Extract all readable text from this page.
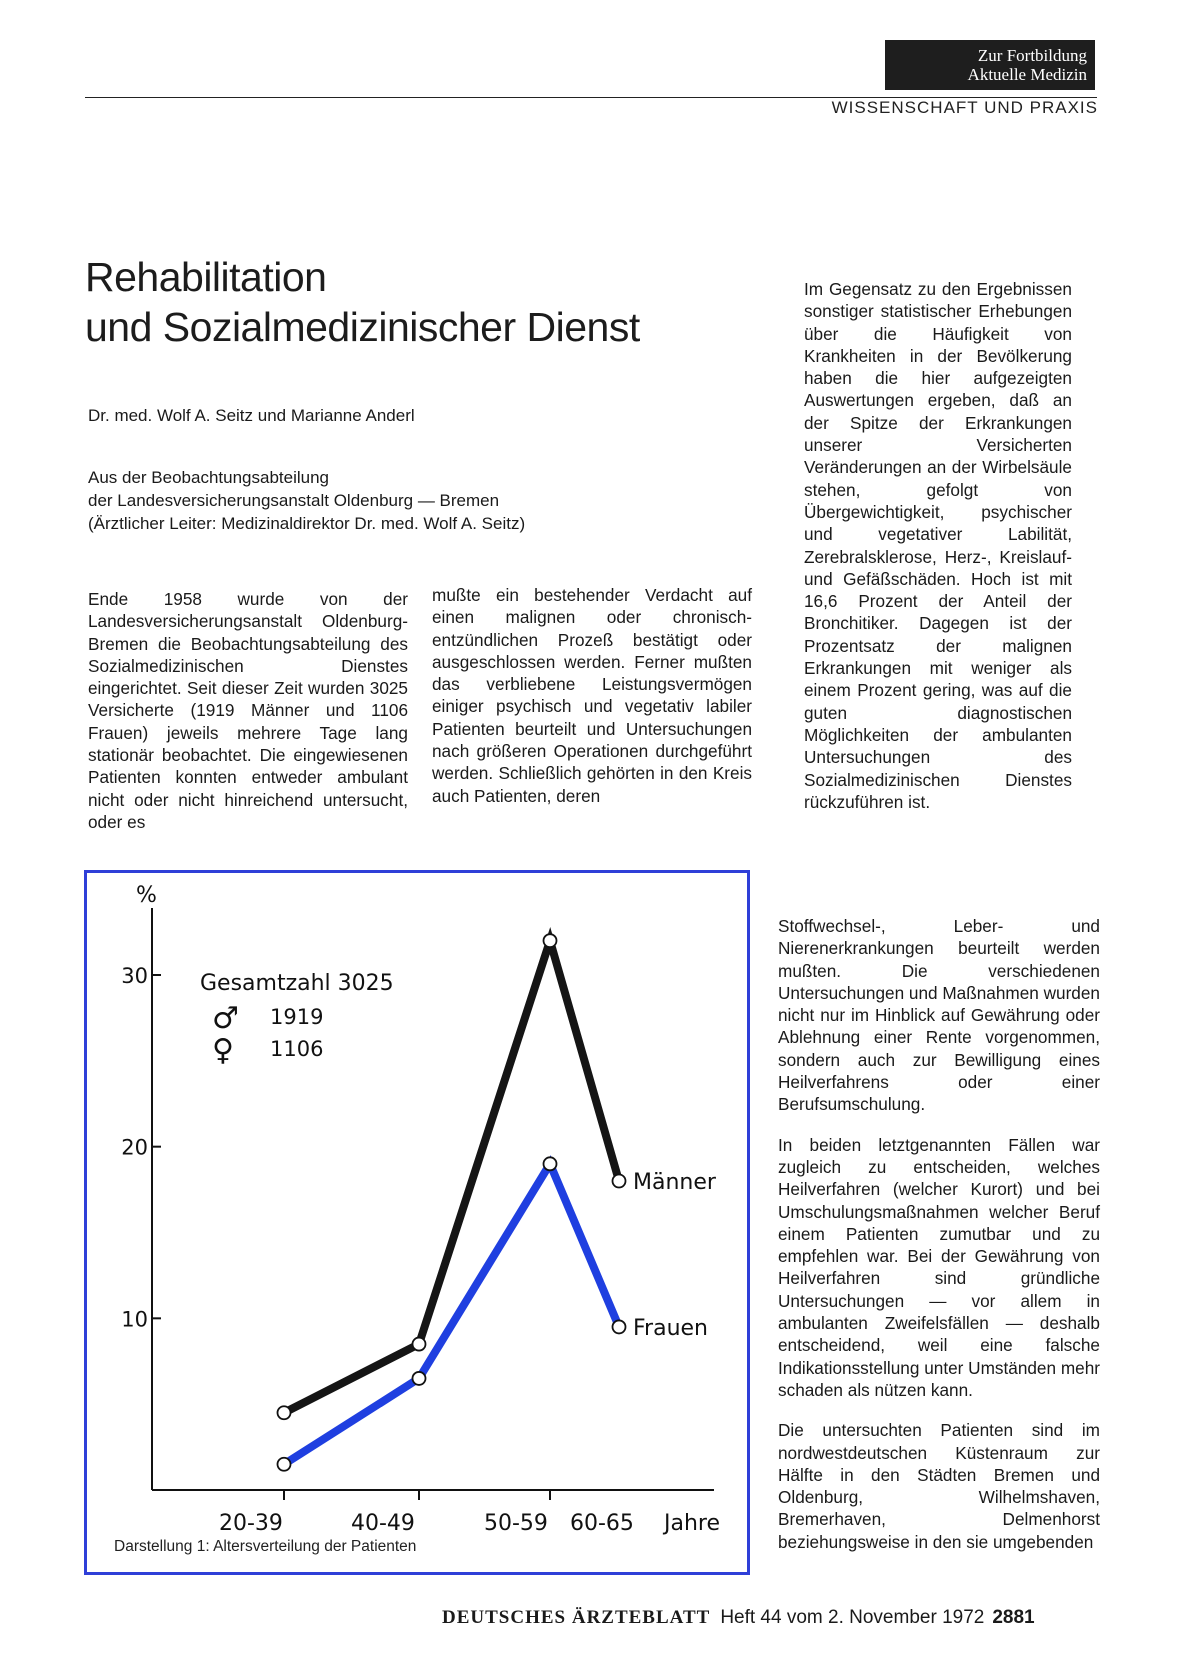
Zur Fortbildung
Aktuelle Medizin
WISSENSCHAFT UND PRAXIS
Rehabilitation
und Sozialmedizinischer Dienst
Dr. med. Wolf A. Seitz und Marianne Anderl
Aus der Beobachtungsabteilung
der Landesversicherungsanstalt Oldenburg — Bremen
(Ärztlicher Leiter: Medizinaldirektor Dr. med. Wolf A. Seitz)

Ende 1958 wurde von der Landesversicherungsanstalt Oldenburg-Bremen die Beobachtungsabteilung des Sozialmedizinischen Dienstes eingerichtet. Seit dieser Zeit wurden 3025 Versicherte (1919 Männer und 1106 Frauen) jeweils mehrere Tage lang stationär beobachtet. Die eingewiesenen Patienten konnten entweder ambulant nicht oder nicht hinreichend untersucht, oder es

mußte ein bestehender Verdacht auf einen malignen oder chronisch-entzündlichen Prozeß bestätigt oder ausgeschlossen werden. Ferner mußten das verbliebene Leistungsvermögen einiger psychisch und vegetativ labiler Patienten beurteilt und Untersuchungen nach größeren Operationen durchgeführt werden. Schließlich gehörten in den Kreis auch Patienten, deren

Im Gegensatz zu den Ergebnissen sonstiger statistischer Erhebungen über die Häufigkeit von Krankheiten in der Bevölkerung haben die hier aufgezeigten Auswertungen ergeben, daß an der Spitze der Erkrankungen unserer Versicherten Veränderungen an der Wirbelsäule stehen, gefolgt von Übergewichtigkeit, psychischer und vegetativer Labilität, Zerebralsklerose, Herz-, Kreislauf- und Gefäßschäden. Hoch ist mit 16,6 Prozent der Anteil der Bronchitiker. Dagegen ist der Prozentsatz der malignen Erkrankungen mit weniger als einem Prozent gering, was auf die guten diagnostischen Möglichkeiten der ambulanten Untersuchungen des Sozialmedizinischen Dienstes rückzuführen ist.

Stoffwechsel-, Leber- und Nierenerkrankungen beurteilt werden mußten. Die verschiedenen Untersuchungen und Maßnahmen wurden nicht nur im Hinblick auf Gewährung oder Ablehnung einer Rente vorgenommen, sondern auch zur Bewilligung eines Heilverfahrens oder einer Berufsumschulung.

In beiden letztgenannten Fällen war zugleich zu entscheiden, welches Heilverfahren (welcher Kurort) und bei Umschulungsmaßnahmen welcher Beruf einem Patienten zumutbar und zu empfehlen war. Bei der Gewährung von Heilverfahren sind gründliche Untersuchungen — vor allem in ambulanten Zweifelsfällen — deshalb entscheidend, weil eine falsche Indikationsstellung unter Umständen mehr schaden als nützen kann.

Die untersuchten Patienten sind im nordwestdeutschen Küstenraum zur Hälfte in den Städten Bremen und Oldenburg, Wilhelmshaven, Bremerhaven, Delmenhorst beziehungsweise in den sie umgebenden

%
Jahre
10
20
30
20-39	40-49	50-59 60-65
Männer
Frauen
Gesamtzahl 3025
♂ 1919
♀ 1106
Darstellung 1: Altersverteilung der Patienten
DEUTSCHES ÄRZTEBLATT Heft 44 vom 2. November 1972 2881
